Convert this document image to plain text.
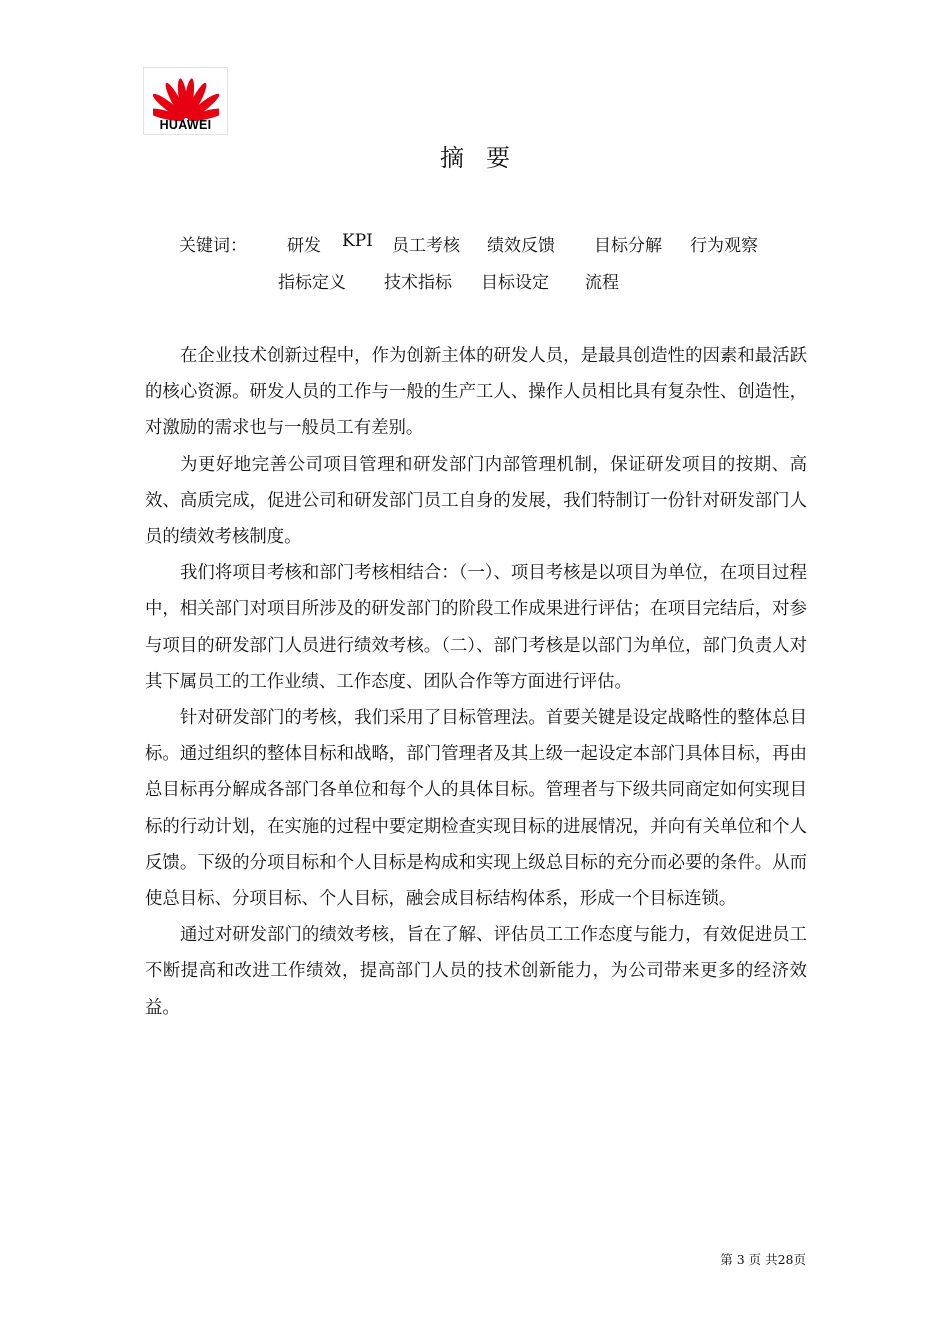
HUAWEI
摘要
关键词： 研发 KPI 员工考核 绩效反馈 目标分解 行为观察
指标定义 技术指标 目标设定 流程

在企业技术创新过程中，作为创新主体的研发人员，是最具创造性的因素和最活跃的核心资源。研发人员的工作与一般的生产工人、操作人员相比具有复杂性、创造性，对激励的需求也与一般员工有差别。

为更好地完善公司项目管理和研发部门内部管理机制，保证研发项目的按期、高效、高质完成，促进公司和研发部门员工自身的发展，我们特制订一份针对研发部门人员的绩效考核制度。

我们将项目考核和部门考核相结合：（一）、项目考核是以项目为单位，在项目过程中，相关部门对项目所涉及的研发部门的阶段工作成果进行评估；在项目完结后，对参与项目的研发部门人员进行绩效考核。（二）、部门考核是以部门为单位，部门负责人对其下属员工的工作业绩、工作态度、团队合作等方面进行评估。

针对研发部门的考核，我们采用了目标管理法。首要关键是设定战略性的整体总目标。通过组织的整体目标和战略，部门管理者及其上级一起设定本部门具体目标，再由总目标再分解成各部门各单位和每个人的具体目标。管理者与下级共同商定如何实现目标的行动计划，在实施的过程中要定期检查实现目标的进展情况，并向有关单位和个人反馈。下级的分项目标和个人目标是构成和实现上级总目标的充分而必要的条件。从而使总目标、分项目标、个人目标，融会成目标结构体系，形成一个目标连锁。

通过对研发部门的绩效考核，旨在了解、评估员工工作态度与能力，有效促进员工不断提高和改进工作绩效，提高部门人员的技术创新能力，为公司带来更多的经济效益。

第 3 页 共28页
